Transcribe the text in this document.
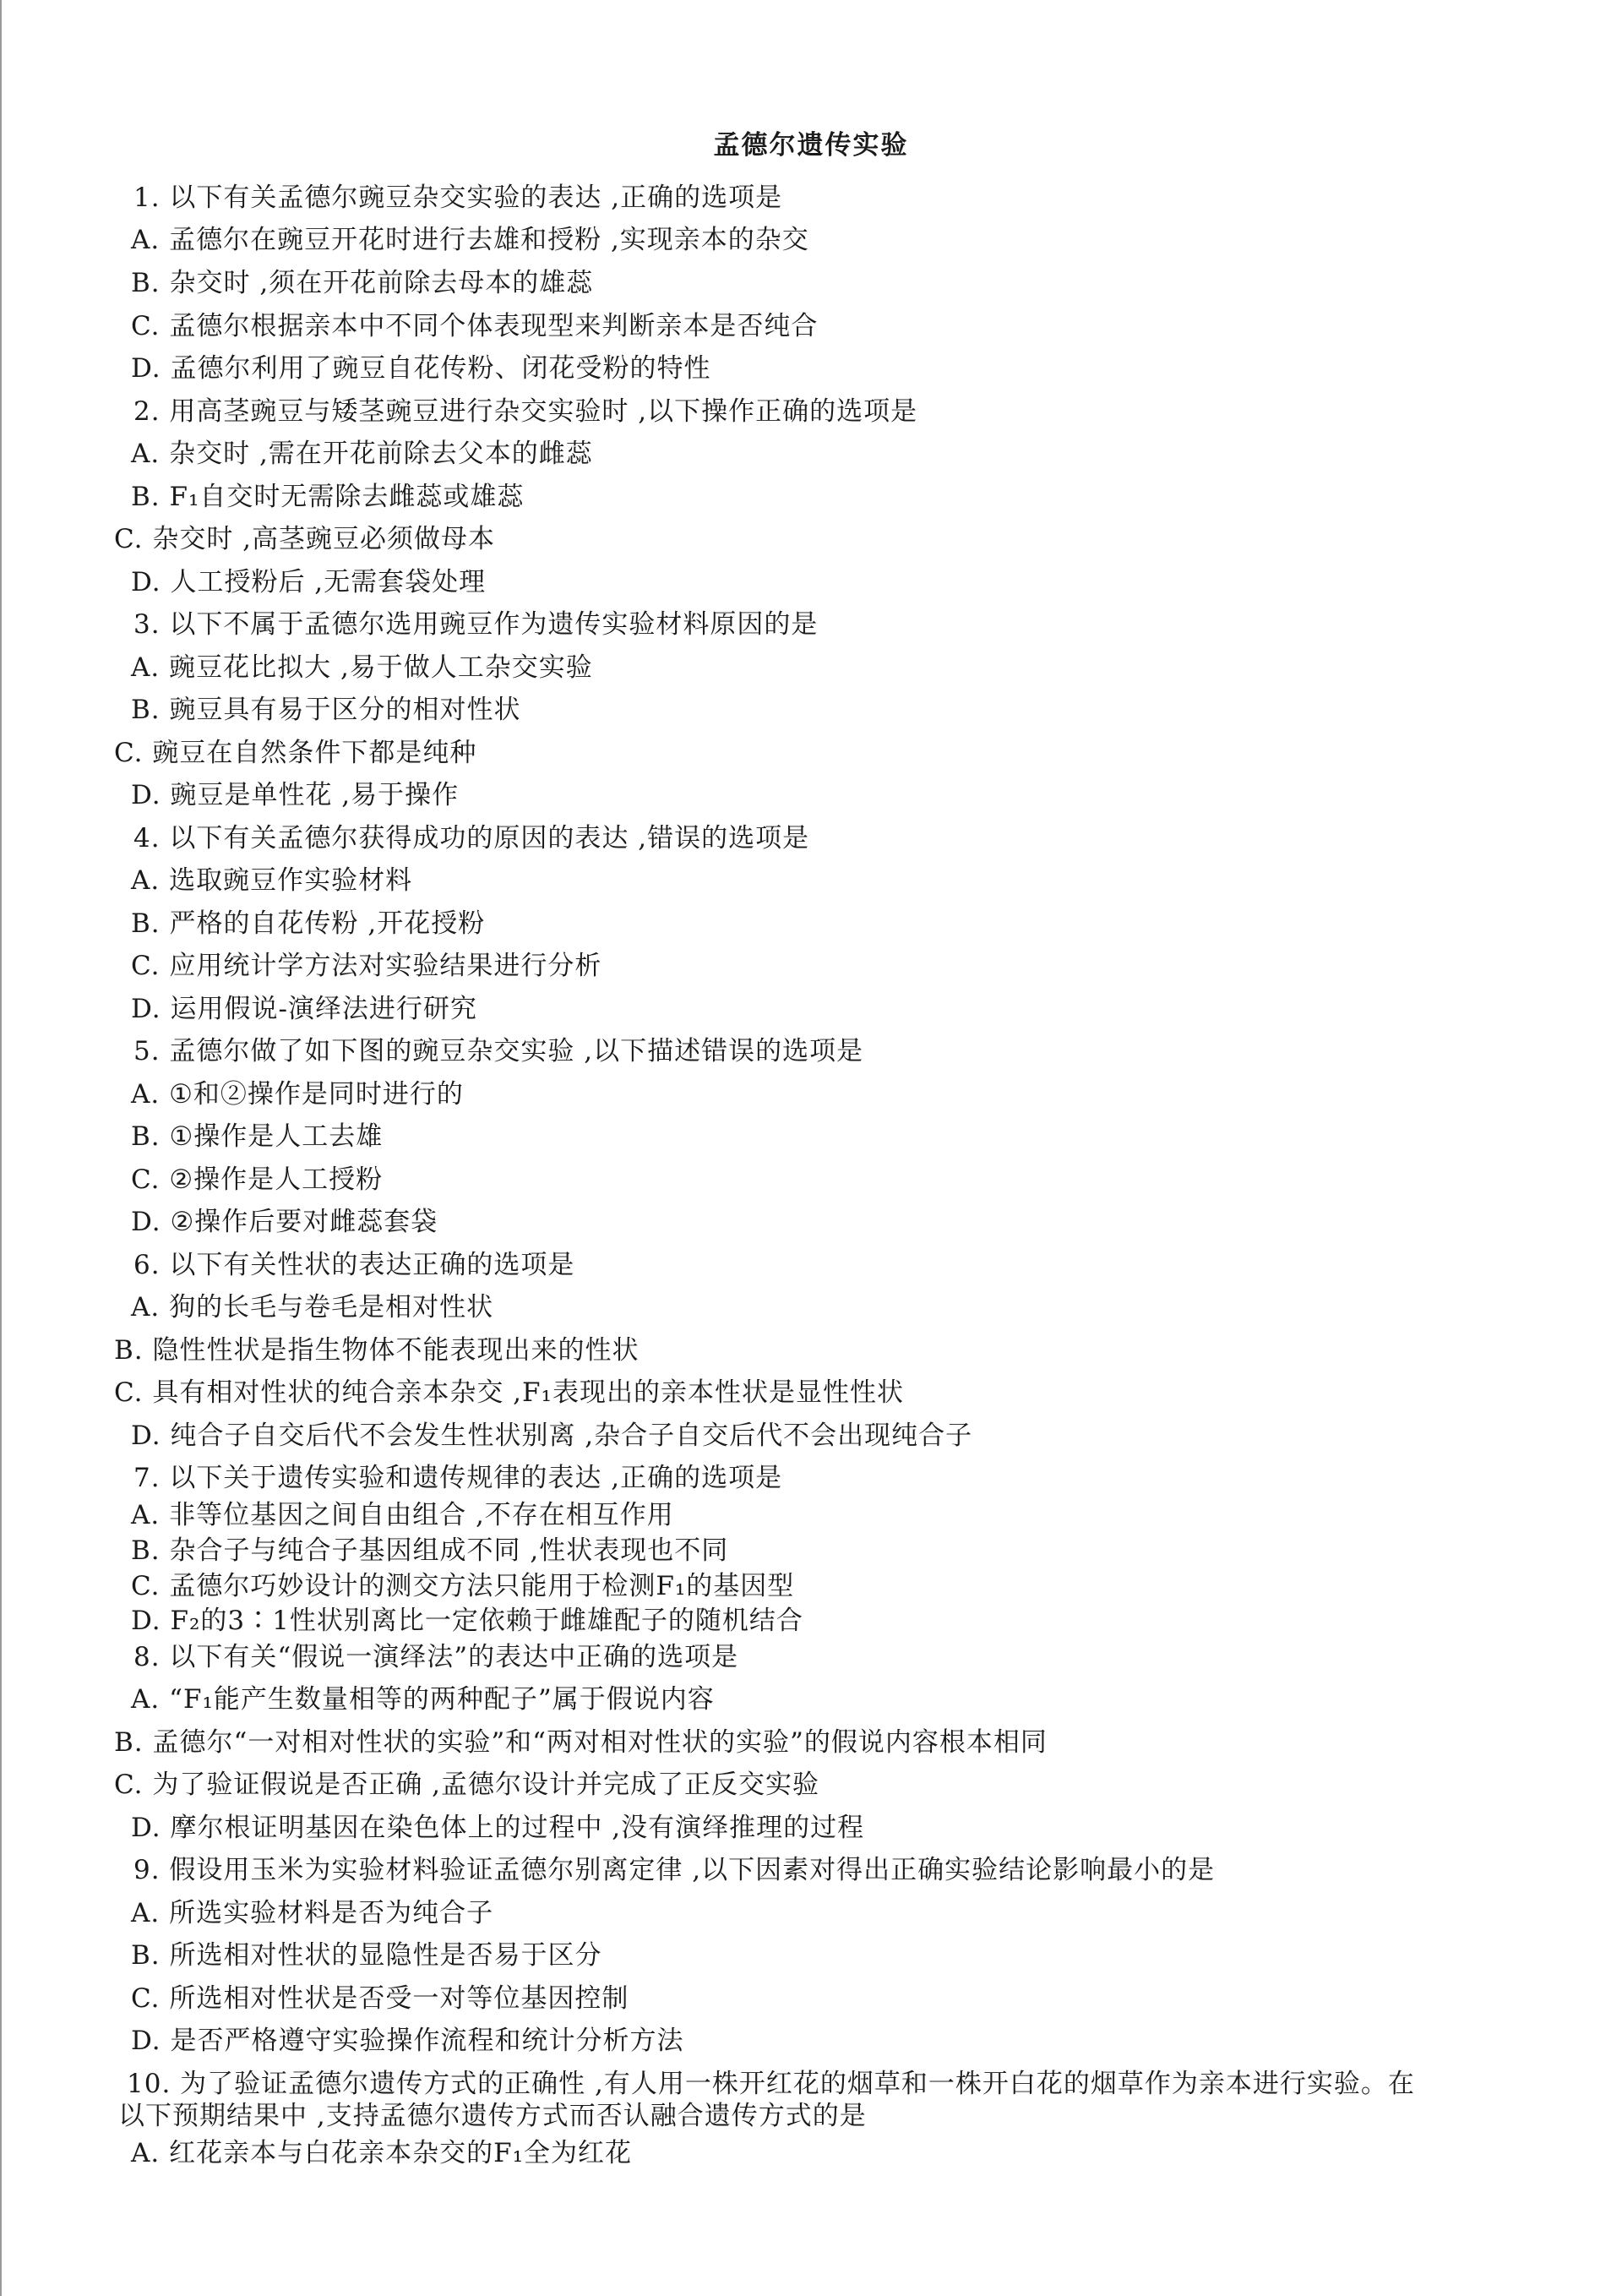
孟德尔遗传实验
1. 以下有关孟德尔豌豆杂交实验的表达 ,正确的选项是
A. 孟德尔在豌豆开花时进行去雄和授粉 ,实现亲本的杂交
B. 杂交时 ,须在开花前除去母本的雄蕊
C. 孟德尔根据亲本中不同个体表现型来判断亲本是否纯合
D. 孟德尔利用了豌豆自花传粉、闭花受粉的特性
2. 用高茎豌豆与矮茎豌豆进行杂交实验时 ,以下操作正确的选项是
A. 杂交时 ,需在开花前除去父本的雌蕊
B. F₁自交时无需除去雌蕊或雄蕊
C. 杂交时 ,高茎豌豆必须做母本
D. 人工授粉后 ,无需套袋处理
3. 以下不属于孟德尔选用豌豆作为遗传实验材料原因的是
A. 豌豆花比拟大 ,易于做人工杂交实验
B. 豌豆具有易于区分的相对性状
C. 豌豆在自然条件下都是纯种
D. 豌豆是单性花 ,易于操作
4. 以下有关孟德尔获得成功的原因的表达 ,错误的选项是
A. 选取豌豆作实验材料
B. 严格的自花传粉 ,开花授粉
C. 应用统计学方法对实验结果进行分析
D. 运用假说-演绎法进行研究
5. 孟德尔做了如下图的豌豆杂交实验 ,以下描述错误的选项是
A. ①和②操作是同时进行的
B. ①操作是人工去雄
C. ②操作是人工授粉
D. ②操作后要对雌蕊套袋
6. 以下有关性状的表达正确的选项是
A. 狗的长毛与卷毛是相对性状
B. 隐性性状是指生物体不能表现出来的性状
C. 具有相对性状的纯合亲本杂交 ,F₁表现出的亲本性状是显性性状
D. 纯合子自交后代不会发生性状别离 ,杂合子自交后代不会出现纯合子
7. 以下关于遗传实验和遗传规律的表达 ,正确的选项是
A. 非等位基因之间自由组合 ,不存在相互作用
B. 杂合子与纯合子基因组成不同 ,性状表现也不同
C. 孟德尔巧妙设计的测交方法只能用于检测F₁的基因型
D. F₂的3∶1性状别离比一定依赖于雌雄配子的随机结合
8. 以下有关“假说一演绎法”的表达中正确的选项是
A. “F₁能产生数量相等的两种配子”属于假说内容
B. 孟德尔“一对相对性状的实验”和“两对相对性状的实验”的假说内容根本相同
C. 为了验证假说是否正确 ,孟德尔设计并完成了正反交实验
D. 摩尔根证明基因在染色体上的过程中 ,没有演绎推理的过程
9. 假设用玉米为实验材料验证孟德尔别离定律 ,以下因素对得出正确实验结论影响最小的是
A. 所选实验材料是否为纯合子
B. 所选相对性状的显隐性是否易于区分
C. 所选相对性状是否受一对等位基因控制
D. 是否严格遵守实验操作流程和统计分析方法
10. 为了验证孟德尔遗传方式的正确性 ,有人用一株开红花的烟草和一株开白花的烟草作为亲本进行实验。在
以下预期结果中 ,支持孟德尔遗传方式而否认融合遗传方式的是
A. 红花亲本与白花亲本杂交的F₁全为红花
